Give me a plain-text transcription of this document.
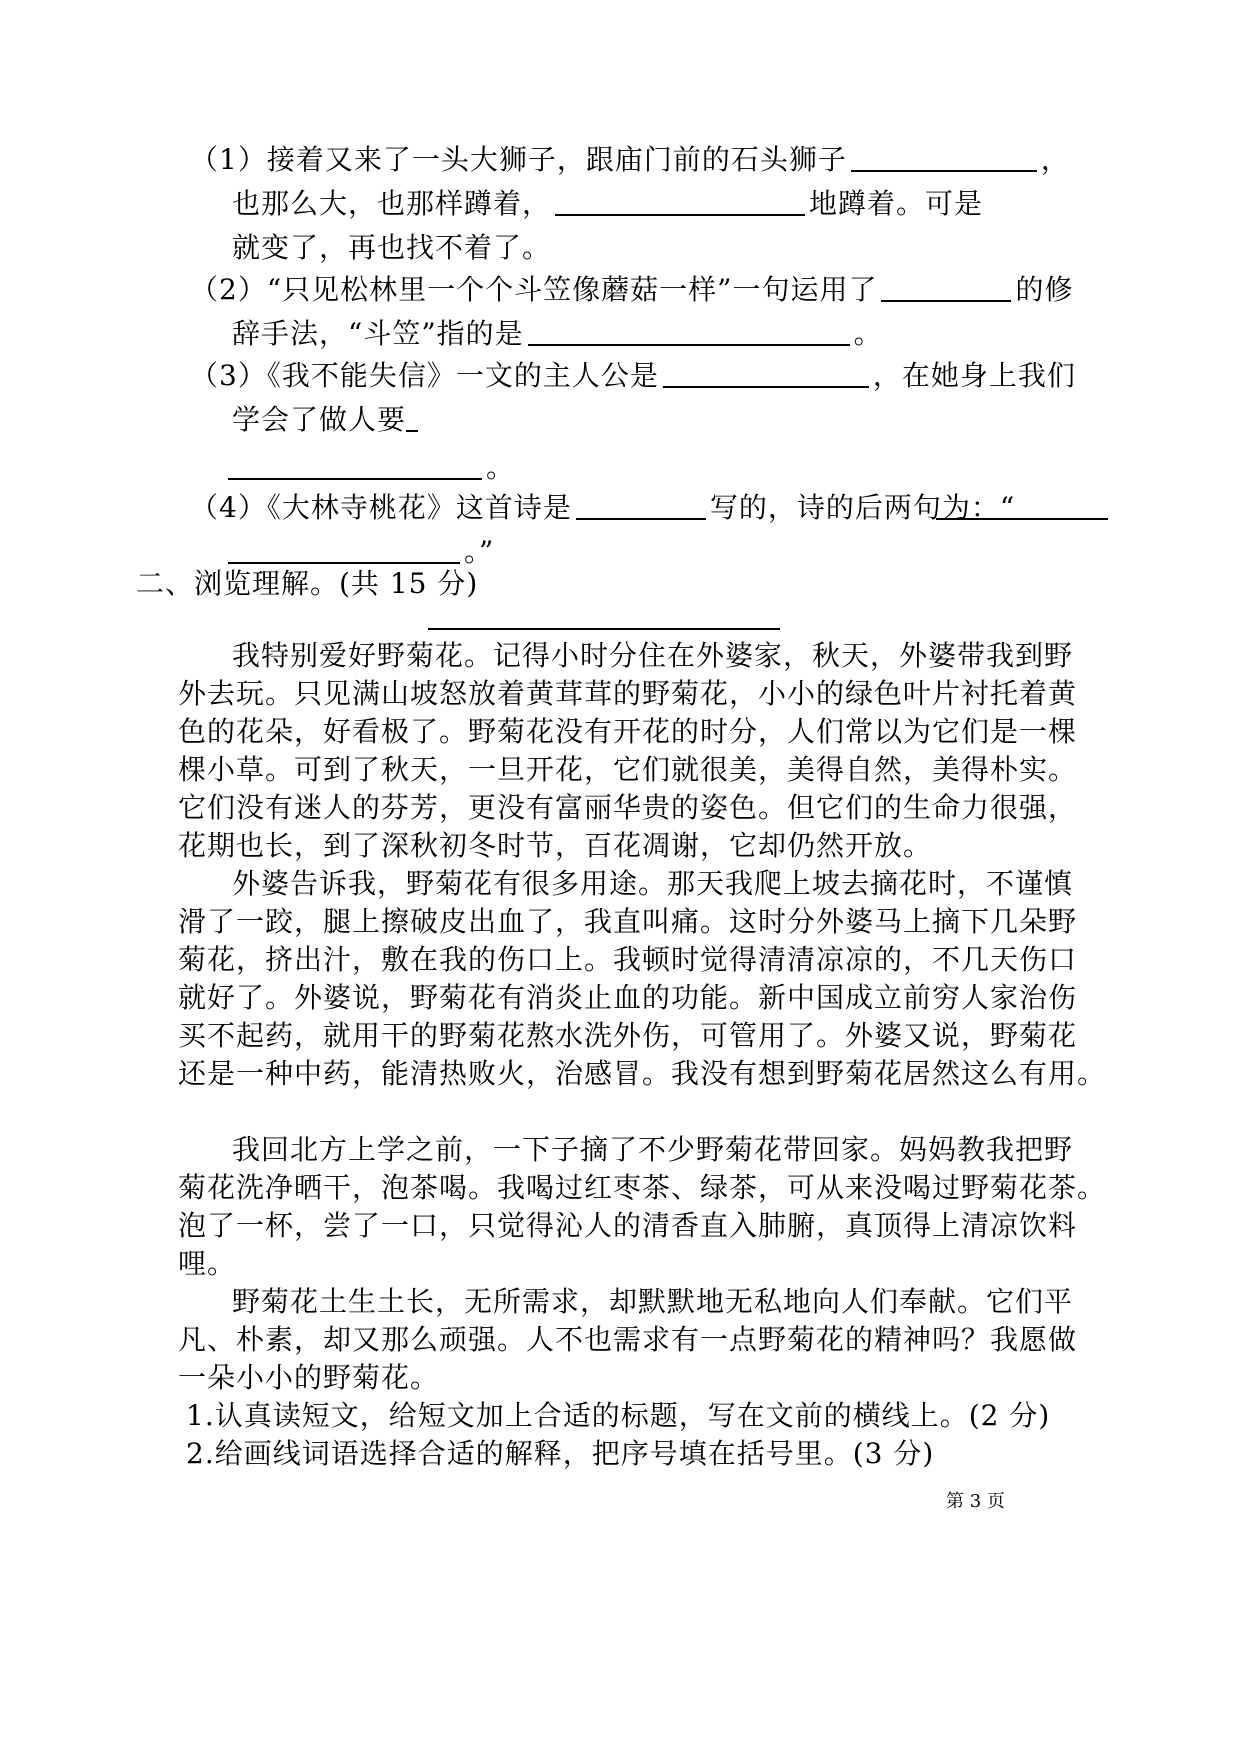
（1）接着又来了一头大狮子，跟庙门前的石头狮子	，
也那么大，也那样蹲着，	地蹲着。可是
就变了，再也找不着了。
（2）“只见松林里一个个斗笠像蘑菇一样”一句运用了	的修
辞手法，“斗笠”指的是	。
（3）《我不能失信》一文的主人公是	，在她身上我们
学会了做人要
。
（4）《大林寺桃花》这首诗是	写的，诗的后两句为：“
。”
二、浏览理解。(共 15 分)
我特别爱好野菊花。记得小时分住在外婆家，秋天，外婆带我到野
外去玩。只见满山坡怒放着黄茸茸的野菊花，小小的绿色叶片衬托着黄
色的花朵，好看极了。野菊花没有开花的时分，人们常以为它们是一棵
棵小草。可到了秋天，一旦开花，它们就很美，美得自然，美得朴实。
它们没有迷人的芬芳，更没有富丽华贵的姿色。但它们的生命力很强，
花期也长，到了深秋初冬时节，百花凋谢，它却仍然开放。
外婆告诉我，野菊花有很多用途。那天我爬上坡去摘花时，不谨慎
滑了一跤，腿上擦破皮出血了，我直叫痛。这时分外婆马上摘下几朵野
菊花，挤出汁，敷在我的伤口上。我顿时觉得清清凉凉的，不几天伤口
就好了。外婆说，野菊花有消炎止血的功能。新中国成立前穷人家治伤
买不起药，就用干的野菊花熬水洗外伤，可管用了。外婆又说，野菊花
还是一种中药，能清热败火，治感冒。我没有想到野菊花居然这么有用。
我回北方上学之前，一下子摘了不少野菊花带回家。妈妈教我把野
菊花洗净晒干，泡茶喝。我喝过红枣茶、绿茶，可从来没喝过野菊花茶。
泡了一杯，尝了一口，只觉得沁人的清香直入肺腑，真顶得上清凉饮料
哩。
野菊花土生土长，无所需求，却默默地无私地向人们奉献。它们平
凡、朴素，却又那么顽强。人不也需求有一点野菊花的精神吗？我愿做
一朵小小的野菊花。
1.认真读短文，给短文加上合适的标题，写在文前的横线上。(2 分)
2.给画线词语选择合适的解释，把序号填在括号里。(3 分)
第 3 页
